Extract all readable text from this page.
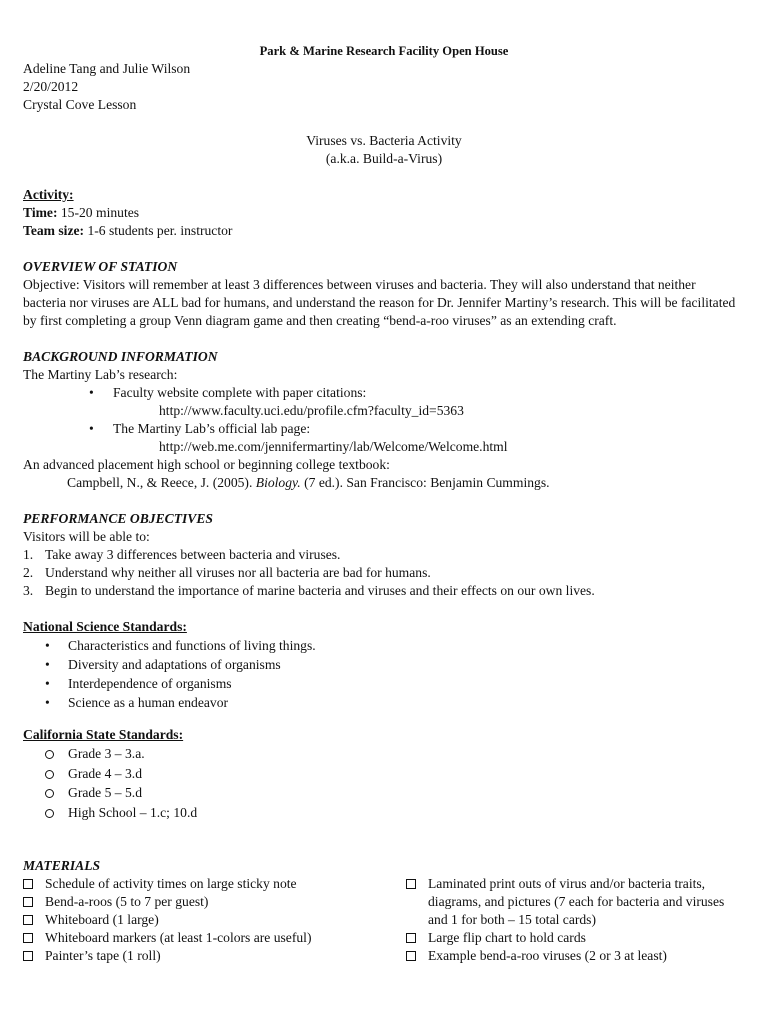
Park & Marine Research Facility Open House
Adeline Tang and Julie Wilson
2/20/2012
Crystal Cove Lesson
Viruses vs. Bacteria Activity
(a.k.a. Build-a-Virus)
Activity:
Time: 15-20 minutes
Team size: 1-6 students per. instructor
OVERVIEW OF STATION
Objective: Visitors will remember at least 3 differences between viruses and bacteria. They will also understand that neither bacteria nor viruses are ALL bad for humans, and understand the reason for Dr. Jennifer Martiny’s research. This will be facilitated by first completing a group Venn diagram game and then creating “bend-a-roo viruses” as an extending craft.
BACKGROUND INFORMATION
The Martiny Lab’s research:
• Faculty website complete with paper citations:
http://www.faculty.uci.edu/profile.cfm?faculty_id=5363
• The Martiny Lab’s official lab page:
http://web.me.com/jennifermartiny/lab/Welcome/Welcome.html
An advanced placement high school or beginning college textbook:
Campbell, N., & Reece, J. (2005). Biology. (7 ed.). San Francisco: Benjamin Cummings.
PERFORMANCE OBJECTIVES
Visitors will be able to:
1. Take away 3 differences between bacteria and viruses.
2. Understand why neither all viruses nor all bacteria are bad for humans.
3. Begin to understand the importance of marine bacteria and viruses and their effects on our own lives.
National Science Standards:
• Characteristics and functions of living things.
• Diversity and adaptations of organisms
• Interdependence of organisms
• Science as a human endeavor
California State Standards:
Grade 3 – 3.a.
Grade 4 – 3.d
Grade 5 – 5.d
High School – 1.c; 10.d
MATERIALS
Schedule of activity times on large sticky note
Bend-a-roos (5 to 7 per guest)
Whiteboard (1 large)
Whiteboard markers (at least 1-colors are useful)
Painter’s tape (1 roll)
Laminated print outs of virus and/or bacteria traits, diagrams, and pictures (7 each for bacteria and viruses and 1 for both – 15 total cards)
Large flip chart to hold cards
Example bend-a-roo viruses (2 or 3 at least)
